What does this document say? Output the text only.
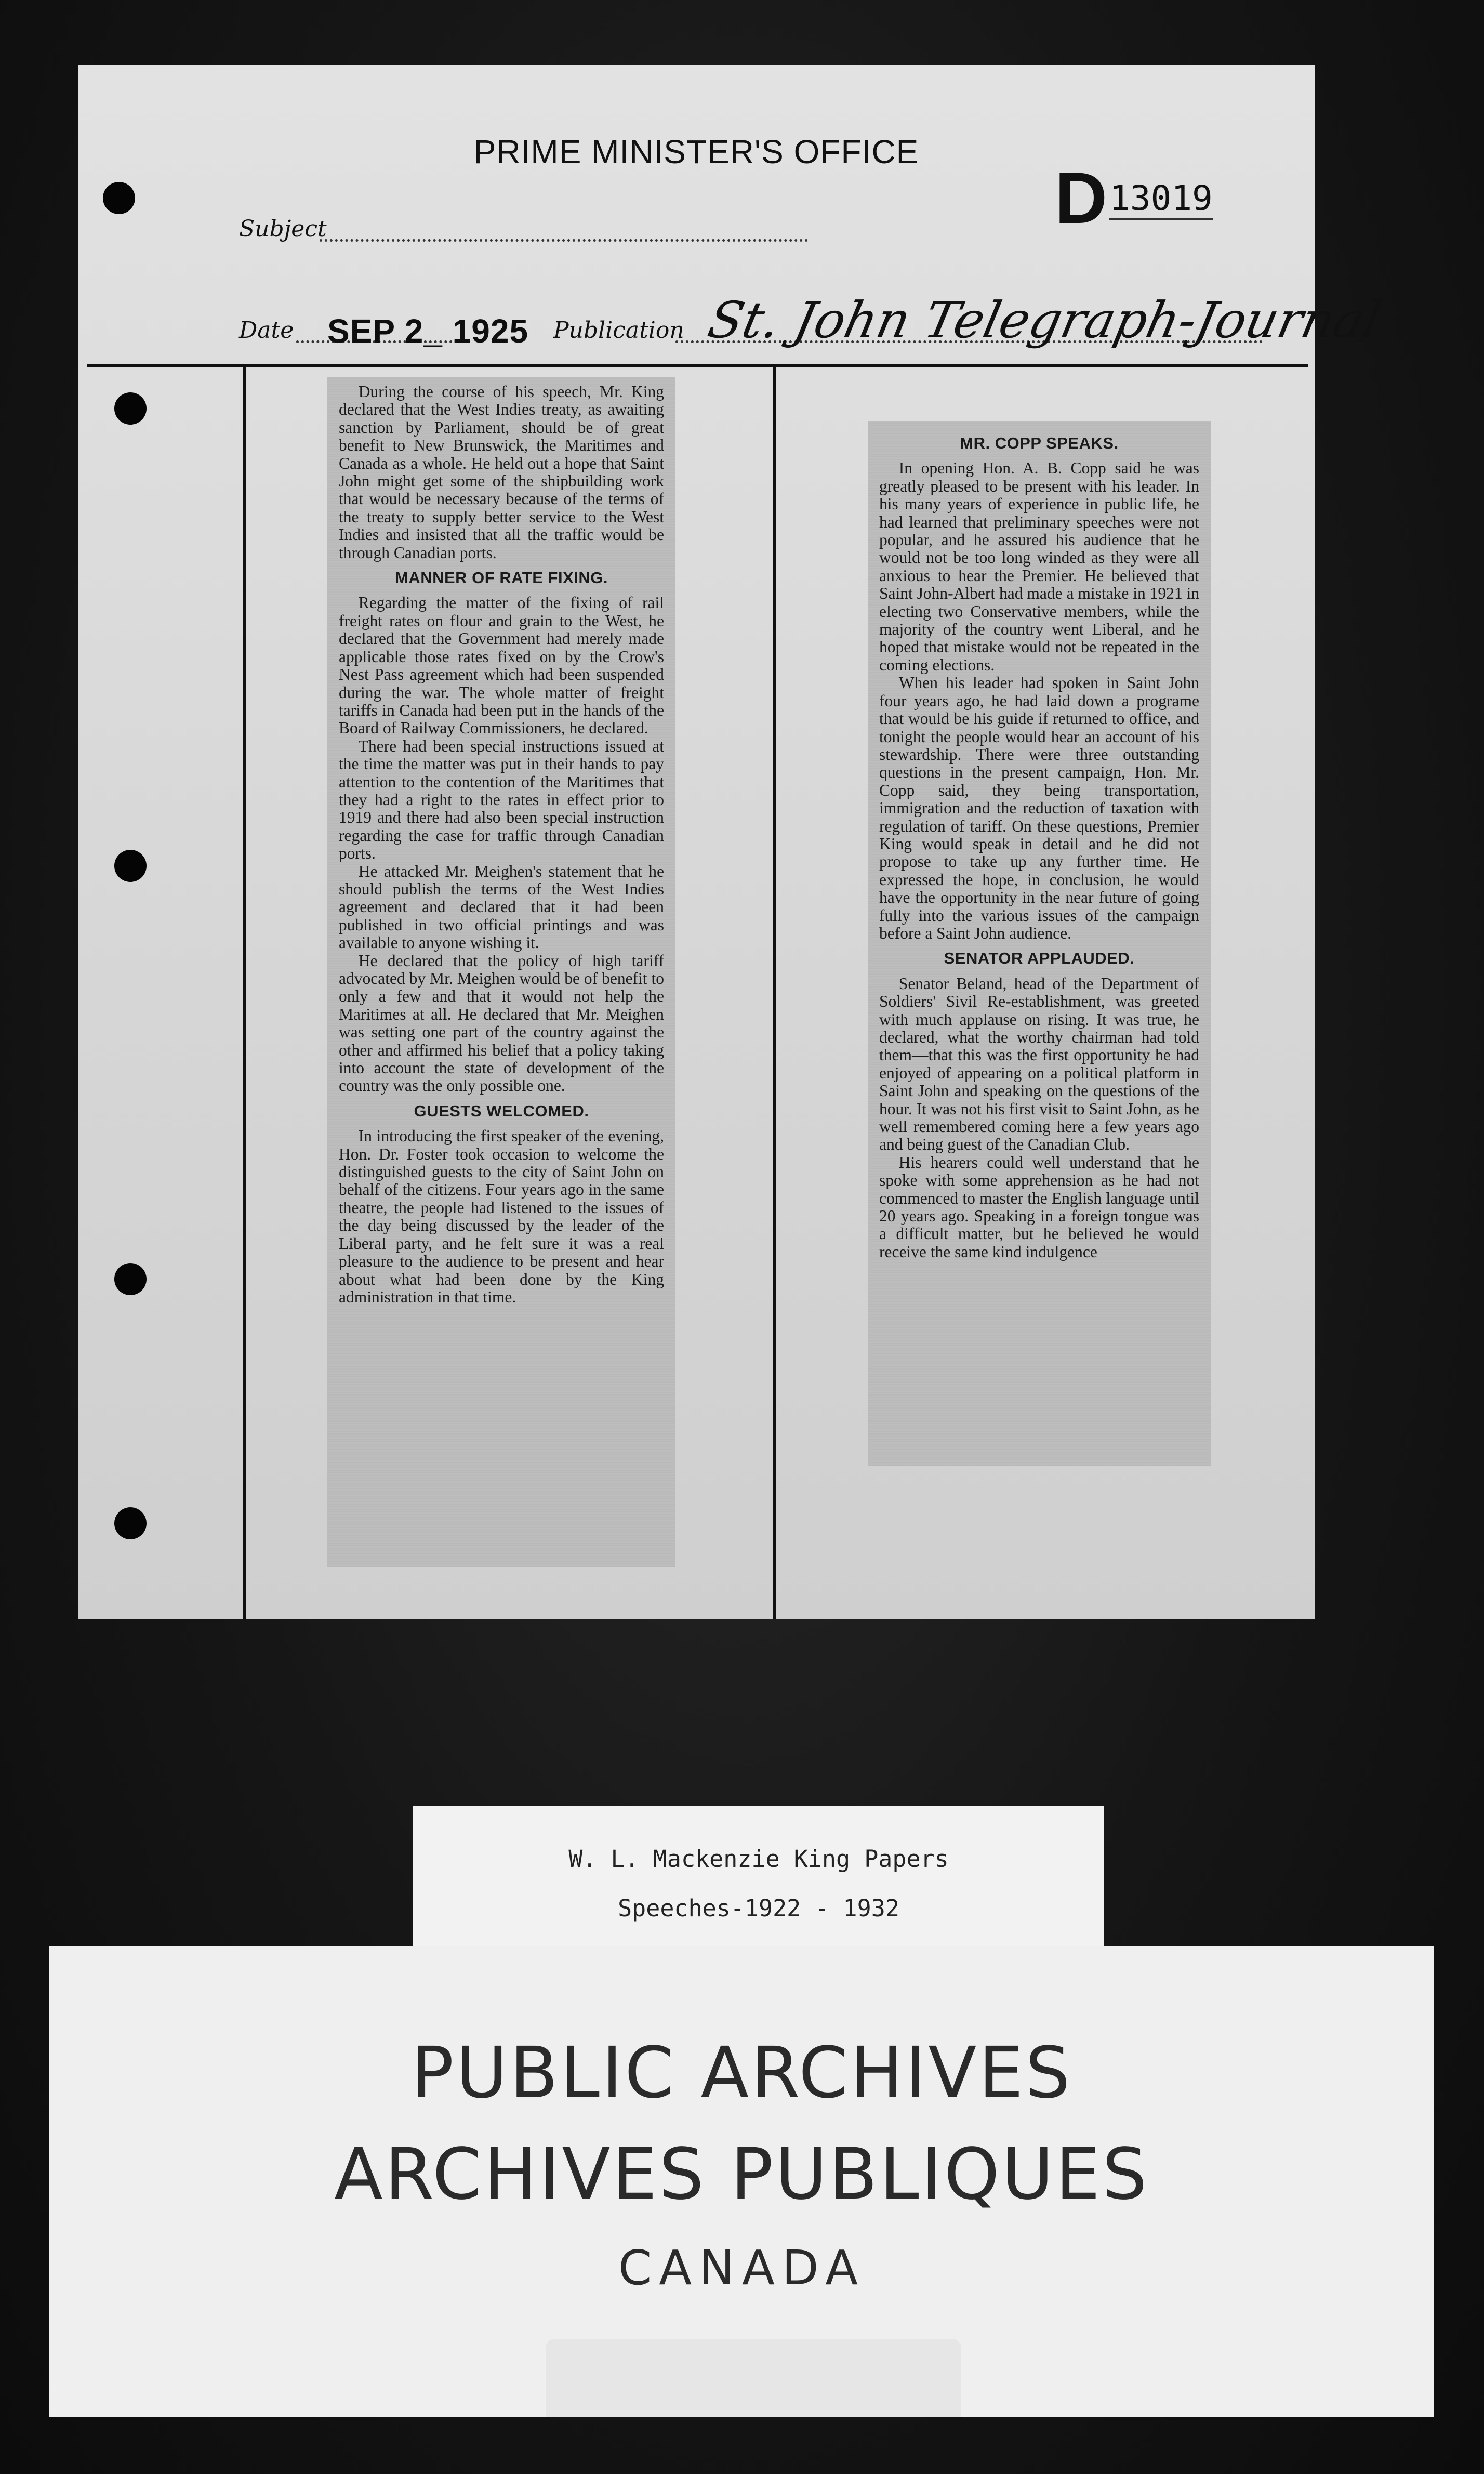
PRIME MINISTER'S OFFICE
D 13019
Subject
Date SEP 2_ 1925 Publication St. John Telegraph-Journal

During the course of his speech, Mr. King declared that the West Indies treaty, as awaiting sanction by Parliament, should be of great benefit to New Brunswick, the Maritimes and Canada as a whole. He held out a hope that Saint John might get some of the shipbuilding work that would be necessary because of the terms of the treaty to supply better service to the West Indies and insisted that all the traffic would be through Canadian ports.

MANNER OF RATE FIXING.

Regarding the matter of the fixing of rail freight rates on flour and grain to the West, he declared that the Government had merely made applicable those rates fixed on by the Crow's Nest Pass agreement which had been suspended during the war. The whole matter of freight tariffs in Canada had been put in the hands of the Board of Railway Commissioners, he declared.

There had been special instructions issued at the time the matter was put in their hands to pay attention to the contention of the Maritimes that they had a right to the rates in effect prior to 1919 and there had also been special instruction regarding the case for traffic through Canadian ports.

He attacked Mr. Meighen's statement that he should publish the terms of the West Indies agreement and declared that it had been published in two official printings and was available to anyone wishing it.

He declared that the policy of high tariff advocated by Mr. Meighen would be of benefit to only a few and that it would not help the Maritimes at all. He declared that Mr. Meighen was setting one part of the country against the other and affirmed his belief that a policy taking into account the state of development of the country was the only possible one.

GUESTS WELCOMED.

In introducing the first speaker of the evening, Hon. Dr. Foster took occasion to welcome the distinguished guests to the city of Saint John on behalf of the citizens. Four years ago in the same theatre, the people had listened to the issues of the day being discussed by the leader of the Liberal party, and he felt sure it was a real pleasure to the audience to be present and hear about what had been done by the King administration in that time.

MR. COPP SPEAKS.

In opening Hon. A. B. Copp said he was greatly pleased to be present with his leader. In his many years of experience in public life, he had learned that preliminary speeches were not popular, and he assured his audience that he would not be too long winded as they were all anxious to hear the Premier. He believed that Saint John-Albert had made a mistake in 1921 in electing two Conservative members, while the majority of the country went Liberal, and he hoped that mistake would not be repeated in the coming elections.

When his leader had spoken in Saint John four years ago, he had laid down a programe that would be his guide if returned to office, and tonight the people would hear an account of his stewardship. There were three outstanding questions in the present campaign, Hon. Mr. Copp said, they being transportation, immigration and the reduction of taxation with regulation of tariff. On these questions, Premier King would speak in detail and he did not propose to take up any further time. He expressed the hope, in conclusion, he would have the opportunity in the near future of going fully into the various issues of the campaign before a Saint John audience.

SENATOR APPLAUDED.

Senator Beland, head of the Department of Soldiers' Sivil Re-establishment, was greeted with much applause on rising. It was true, he declared, what the worthy chairman had told them—that this was the first opportunity he had enjoyed of appearing on a political platform in Saint John and speaking on the questions of the hour. It was not his first visit to Saint John, as he well remembered coming here a few years ago and being guest of the Canadian Club.

His hearers could well understand that he spoke with some apprehension as he had not commenced to master the English language until 20 years ago. Speaking in a foreign tongue was a difficult matter, but he believed he would receive the same kind indulgence

W. L. Mackenzie King Papers
Speeches-1922 - 1932
PUBLIC ARCHIVES
ARCHIVES PUBLIQUES
CANADA
